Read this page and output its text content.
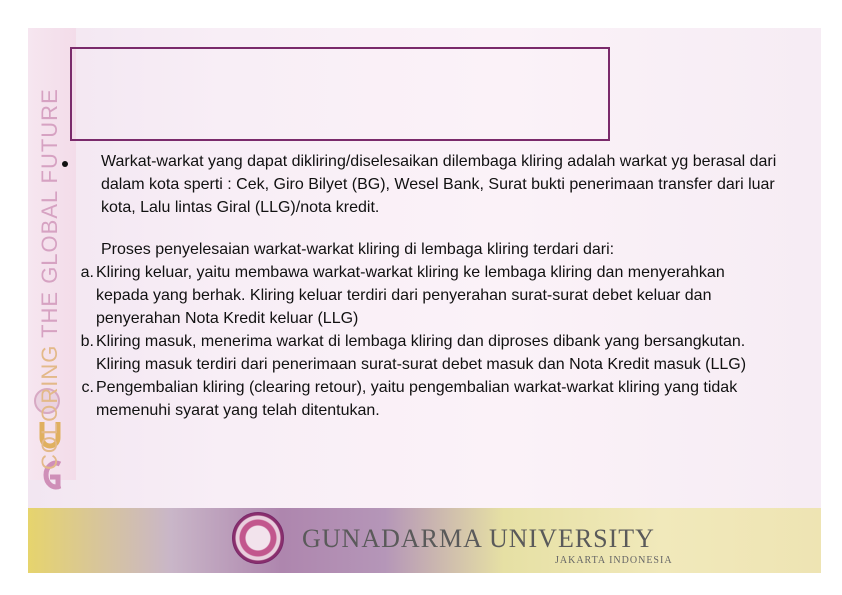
COLORING THE GLOBAL FUTURE	Warkat-warkat yang dapat dikliring/diselesaikan dilembaga kliring adalah warkat yg berasal dari dalam kota sperti : Cek, Giro Bilyet (BG), Wesel Bank, Surat bukti penerimaan transfer dari luar kota, Lalu lintas Giral (LLG)/nota kredit.
Proses penyelesaian warkat-warkat kliring di lembaga kliring terdari dari:
a. Kliring keluar, yaitu membawa warkat-warkat kliring ke lembaga kliring dan menyerahkan kepada yang berhak. Kliring keluar terdiri dari penyerahan surat-surat debet keluar dan penyerahan Nota Kredit keluar (LLG)
b. Kliring masuk, menerima warkat di lembaga kliring dan diproses dibank yang bersangkutan. Kliring masuk terdiri dari penerimaan surat-surat debet masuk dan Nota Kredit masuk (LLG)
c. Pengembalian kliring (clearing retour), yaitu pengembalian warkat-warkat kliring yang tidak memenuhi syarat yang telah ditentukan.
GUNADARMA UNIVERSITY
JAKARTA INDONESIA
